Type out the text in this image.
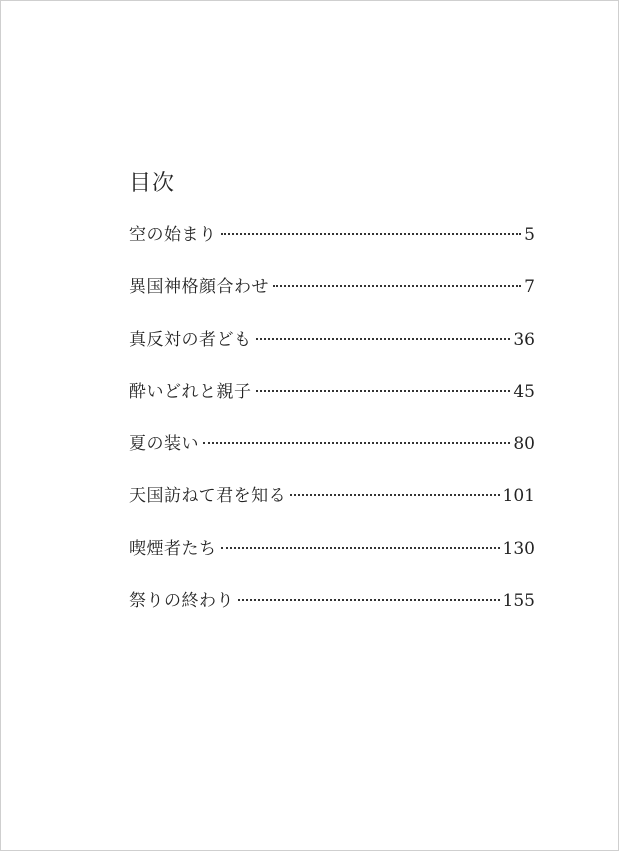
目次
空の始まり	5
異国神格顔合わせ	7
真反対の者ども	36
酔いどれと親子	45
夏の装い	80
天国訪ねて君を知る	101
喫煙者たち	130
祭りの終わり	155
